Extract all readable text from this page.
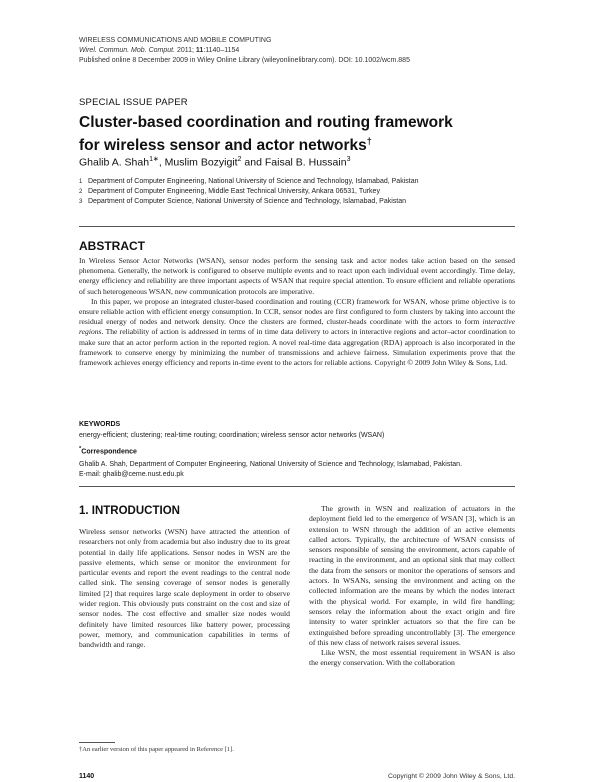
WIRELESS COMMUNICATIONS AND MOBILE COMPUTING
Wirel. Commun. Mob. Comput. 2011; 11:1140–1154
Published online 8 December 2009 in Wiley Online Library (wileyonlinelibrary.com). DOI: 10.1002/wcm.885
SPECIAL ISSUE PAPER
Cluster-based coordination and routing framework
for wireless sensor and actor networks†
Ghalib A. Shah$^{1∗}$, Muslim Bozyigit$^2$ and Faisal B. Hussain$^3$
1 Department of Computer Engineering, National University of Science and Technology, Islamabad, Pakistan
2 Department of Computer Engineering, Middle East Technical University, Ankara 06531, Turkey
3 Department of Computer Science, National University of Science and Technology, Islamabad, Pakistan
ABSTRACT

In Wireless Sensor Actor Networks (WSAN), sensor nodes perform the sensing task and actor nodes take action based on the sensed phenomena. Generally, the network is configured to observe multiple events and to react upon each individual event accordingly. Time delay, energy efficiency and reliability are three important aspects of WSAN that require special attention. To ensure efficient and reliable operations of such heterogeneous WSAN, new communication protocols are imperative.

In this paper, we propose an integrated cluster-based coordination and routing (CCR) framework for WSAN, whose prime objective is to ensure reliable action with efficient energy consumption. In CCR, sensor nodes are first configured to form clusters by taking into account the residual energy of nodes and network density. Once the clusters are formed, cluster-heads coordinate with the actors to form interactive regions. The reliability of action is addressed in terms of in time data delivery to actors in interactive regions and actor–actor coordination to make sure that an actor perform action in the reported region. A novel real-time data aggregation (RDA) approach is also incorporated in the framework to conserve energy by minimizing the number of transmissions and achieve fairness. Simulation experiments prove that the framework achieves energy efficiency and reports in-time event to the actors for reliable actions. Copyright © 2009 John Wiley & Sons, Ltd.

KEYWORDS
energy-efficient; clustering; real-time routing; coordination; wireless sensor actor networks (WSAN)
*Correspondence
Ghalib A. Shah, Department of Computer Engineering, National University of Science and Technology, Islamabad, Pakistan.
E-mail: ghalib@ceme.nust.edu.pk
1. INTRODUCTION

Wireless sensor networks (WSN) have attracted the attention of researchers not only from academia but also industry due to its great potential in daily life applications. Sensor nodes in WSN are the passive elements, which sense or monitor the environment for particular events and report the event readings to the central node called sink. The sensing coverage of sensor nodes is generally limited [2] that requires large scale deployment in order to observe wider region. This obviously puts constraint on the cost and size of sensor nodes. The cost effective and smaller size nodes would definitely have limited resources like battery power, processing power, memory, and communication capabilities in terms of bandwidth and range.

The growth in WSN and realization of actuators in the deployment field led to the emergence of WSAN [3], which is an extension to WSN through the addition of an active elements called actors. Typically, the architecture of WSAN consists of sensors responsible of sensing the environment, actors capable of reacting in the environment, and an optional sink that may collect the data from the sensors or monitor the operations of sensors and actors. In WSANs, sensing the environment and acting on the collected information are the means by which the nodes interact with the physical world. For example, in wild fire handling; sensors relay the information about the exact origin and fire intensity to water sprinkler actuators so that the fire can be extinguished before spreading uncontrollably [3]. The emergence of this new class of network raises several issues.

Like WSN, the most essential requirement in WSAN is also the energy conservation. With the collaboration

†An earlier version of this paper appeared in Reference [1].
1140	Copyright © 2009 John Wiley & Sons, Ltd.
